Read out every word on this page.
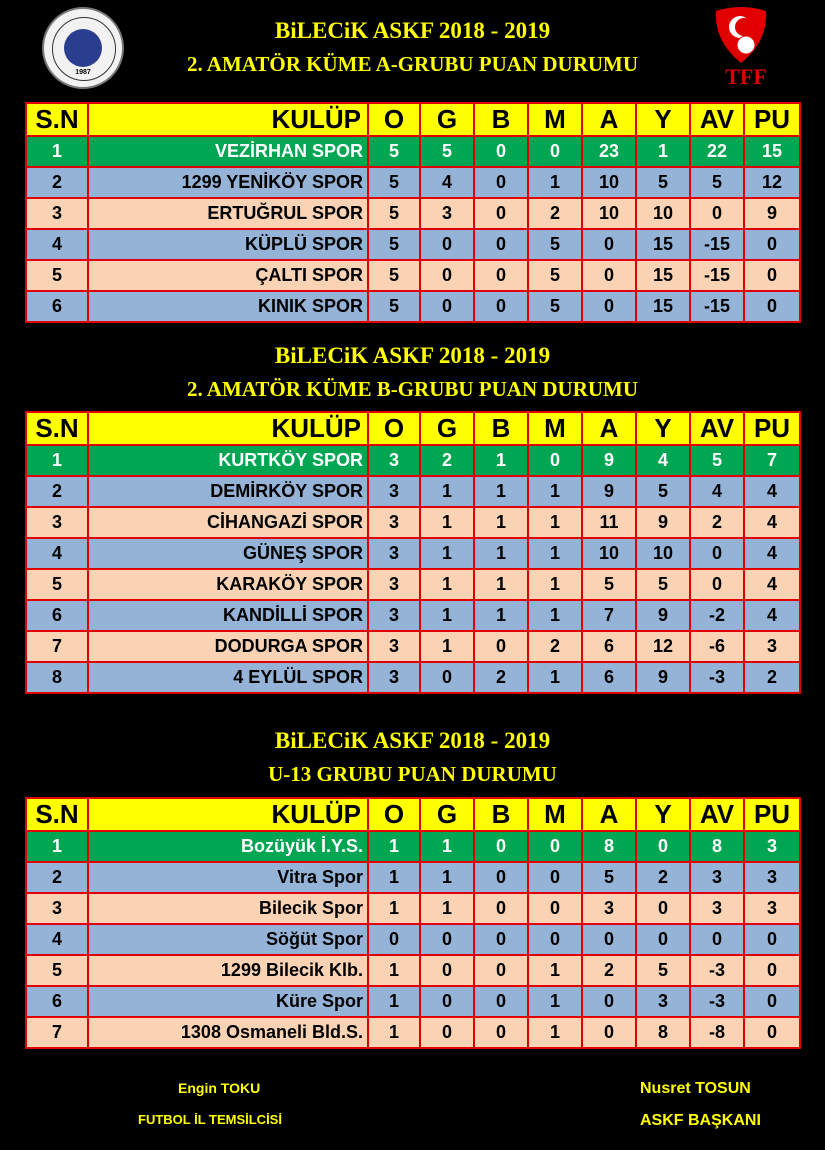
1987	TFF
BiLECiK ASKF 2018 - 2019
2. AMATÖR KÜME A-GRUBU PUAN DURUMU
S.N	KULÜP	O	G	B	M	A	Y	AV	PU
1	VEZİRHAN SPOR	5	5	0	0	23	1	22	15
2	1299 YENİKÖY SPOR	5	4	0	1	10	5	5	12
3	ERTUĞRUL SPOR	5	3	0	2	10	10	0	9
4	KÜPLÜ SPOR	5	0	0	5	0	15	-15	0
5	ÇALTI SPOR	5	0	0	5	0	15	-15	0
6	KINIK SPOR	5	0	0	5	0	15	-15	0
BiLECiK ASKF 2018 - 2019
2. AMATÖR KÜME B-GRUBU PUAN DURUMU
S.N	KULÜP	O	G	B	M	A	Y	AV	PU
1	KURTKÖY SPOR	3	2	1	0	9	4	5	7
2	DEMİRKÖY SPOR	3	1	1	1	9	5	4	4
3	CİHANGAZİ SPOR	3	1	1	1	11	9	2	4
4	GÜNEŞ SPOR	3	1	1	1	10	10	0	4
5	KARAKÖY SPOR	3	1	1	1	5	5	0	4
6	KANDİLLİ SPOR	3	1	1	1	7	9	-2	4
7	DODURGA SPOR	3	1	0	2	6	12	-6	3
8	4 EYLÜL SPOR	3	0	2	1	6	9	-3	2
BiLECiK ASKF 2018 - 2019
U-13 GRUBU PUAN DURUMU
S.N	KULÜP	O	G	B	M	A	Y	AV	PU
1	Bozüyük İ.Y.S.	1	1	0	0	8	0	8	3
2	Vitra Spor	1	1	0	0	5	2	3	3
3	Bilecik Spor	1	1	0	0	3	0	3	3
4	Söğüt Spor	0	0	0	0	0	0	0	0
5	1299 Bilecik Klb.	1	0	0	1	2	5	-3	0
6	Küre Spor	1	0	0	1	0	3	-3	0
7	1308 Osmaneli Bld.S.	1	0	0	1	0	8	-8	0
Engin TOKU
FUTBOL İL TEMSİLCİSİ
Nusret TOSUN
ASKF BAŞKANI
